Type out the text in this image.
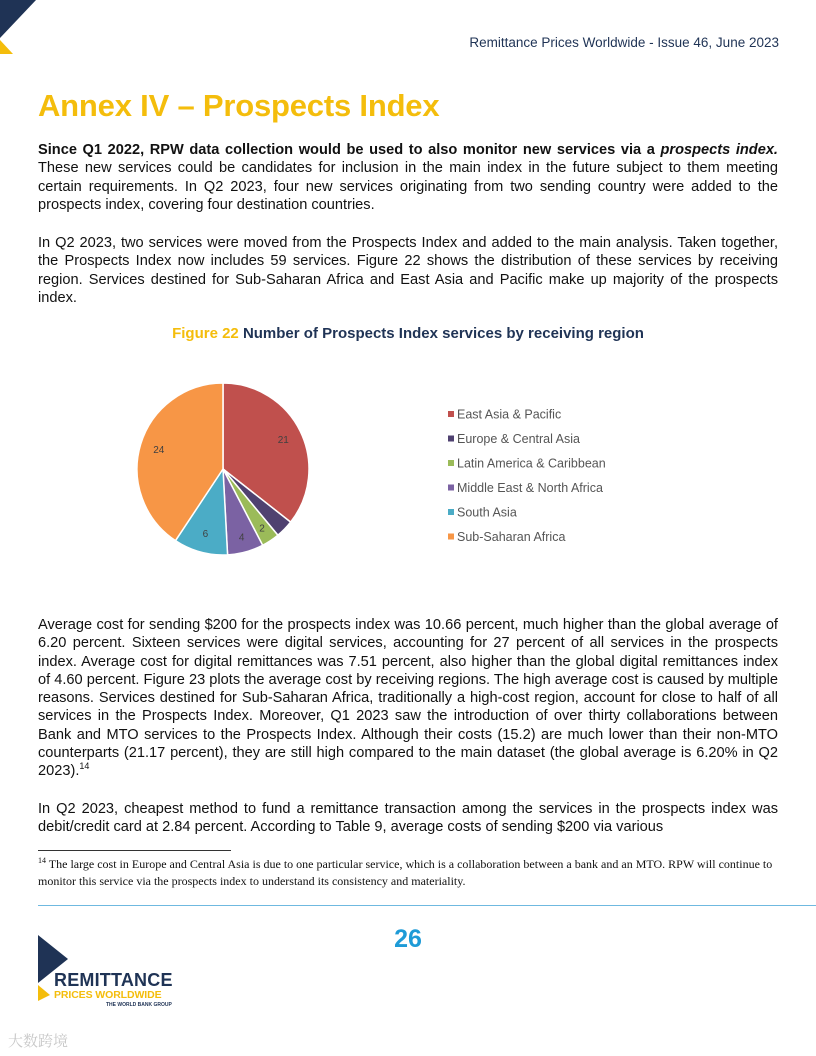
Remittance Prices Worldwide - Issue 46, June 2023
Annex IV – Prospects Index

Since Q1 2022, RPW data collection would be used to also monitor new services via a prospects index. These new services could be candidates for inclusion in the main index in the future subject to them meeting certain requirements. In Q2 2023, four new services originating from two sending country were added to the prospects index, covering four destination countries.

In Q2 2023, two services were moved from the Prospects Index and added to the main analysis. Taken together, the Prospects Index now includes 59 services. Figure 22 shows the distribution of these services by receiving region. Services destined for Sub-Saharan Africa and East Asia and Pacific make up majority of the prospects index.

Figure 22 Number of Prospects Index services by receiving region
21
2
4
6
24
East Asia & Pacific
Europe & Central Asia
Latin America & Caribbean
Middle East & North Africa
South Asia
Sub-Saharan Africa

Average cost for sending $200 for the prospects index was 10.66 percent, much higher than the global average of 6.20 percent. Sixteen services were digital services, accounting for 27 percent of all services in the prospects index. Average cost for digital remittances was 7.51 percent, also higher than the global digital remittances index of 4.60 percent. Figure 23 plots the average cost by receiving regions. The high average cost is caused by multiple reasons. Services destined for Sub-Saharan Africa, traditionally a high-cost region, account for close to half of all services in the Prospects Index. Moreover, Q1 2023 saw the introduction of over thirty collaborations between Bank and MTO services to the Prospects Index. Although their costs (15.2) are much lower than their non-MTO counterparts (21.17 percent), they are still high compared to the main dataset (the global average is 6.20% in Q2 2023).$^{14}$

In Q2 2023, cheapest method to fund a remittance transaction among the services in the prospects index was debit/credit card at 2.84 percent. According to Table 9, average costs of sending $200 via various

$^{14}$ The large cost in Europe and Central Asia is due to one particular service, which is a collaboration between a bank and an MTO. RPW will continue to monitor this service via the prospects index to understand its consistency and materiality.

26
REMITTANCE
PRICES WORLDWIDE
THE WORLD BANK GROUP
大数跨境
